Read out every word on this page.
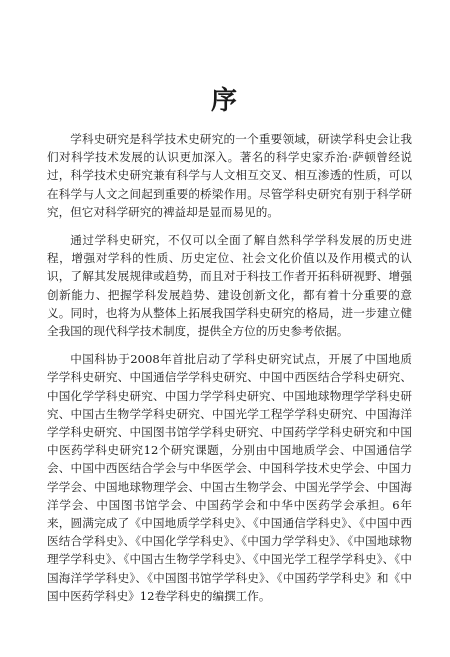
序

学科史研究是科学技术史研究的一个重要领域，研读学科史会让我们对科学技术发展的认识更加深入。著名的科学史家乔治·萨顿曾经说过，科学技术史研究兼有科学与人文相互交叉、相互渗透的性质，可以在科学与人文之间起到重要的桥梁作用。尽管学科史研究有别于科学研究，但它对科学研究的裨益却是显而易见的。

通过学科史研究，不仅可以全面了解自然科学学科发展的历史进程，增强对学科的性质、历史定位、社会文化价值以及作用模式的认识，了解其发展规律或趋势，而且对于科技工作者开拓科研视野、增强创新能力、把握学科发展趋势、建设创新文化，都有着十分重要的意义。同时，也将为从整体上拓展我国学科史研究的格局，进一步建立健全我国的现代科学技术制度，提供全方位的历史参考依据。

中国科协于2008年首批启动了学科史研究试点，开展了中国地质学学科史研究、中国通信学学科史研究、中国中西医结合学科史研究、中国化学学科史研究、中国力学学科史研究、中国地球物理学学科史研究、中国古生物学学科史研究、中国光学工程学学科史研究、中国海洋学学科史研究、中国图书馆学学科史研究、中国药学学科史研究和中国中医药学科史研究12个研究课题，分别由中国地质学会、中国通信学会、中国中西医结合学会与中华医学会、中国科学技术史学会、中国力学学会、中国地球物理学会、中国古生物学会、中国光学学会、中国海洋学会、中国图书馆学会、中国药学会和中华中医药学会承担。6年来，圆满完成了《中国地质学学科史》、《中国通信学科史》、《中国中西医结合学科史》、《中国化学学科史》、《中国力学学科史》、《中国地球物理学学科史》、《中国古生物学学科史》、《中国光学工程学学科史》、《中国海洋学学科史》、《中国图书馆学学科史》、《中国药学学科史》和《中国中医药学科史》12卷学科史的编撰工作。
